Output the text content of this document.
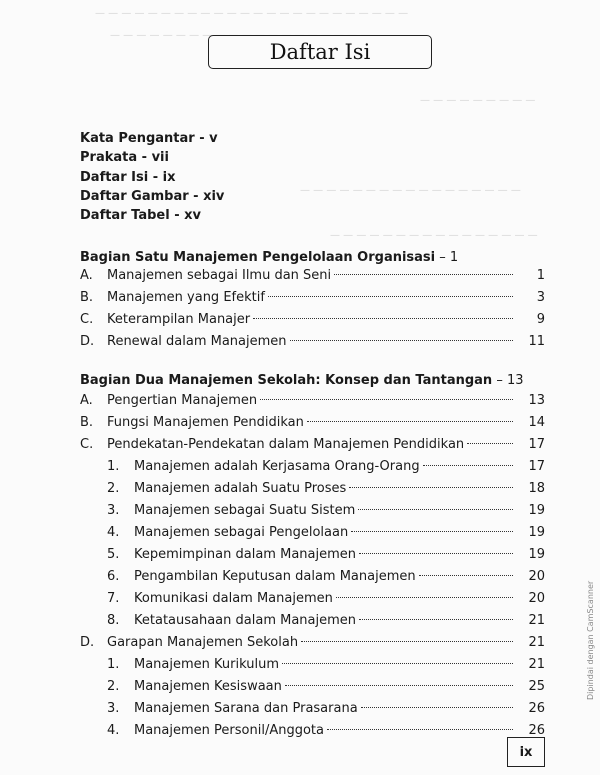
— — — — — — — — — — — — — — — — — — — — — — — —
— — — — — — — — — — — — — — — — — — — —
— — — — — — — — —
— — — — — — — — — — — — — — — — —
— — — — — — — — — — — — — — — —
Daftar Isi
Kata Pengantar - v
Prakata - vii
Daftar Isi - ix
Daftar Gambar - xiv
Daftar Tabel - xv
Bagian Satu Manajemen Pengelolaan Organisasi – 1
A.	Manajemen sebagai Ilmu dan Seni	1
B.	Manajemen yang Efektif	3
C.	Keterampilan Manajer	9
D. Renewal dalam Manajemen	11
Bagian Dua Manajemen Sekolah: Konsep dan Tantangan – 13
A.	Pengertian Manajemen	13
B.	Fungsi Manajemen Pendidikan	14
C.	Pendekatan-Pendekatan dalam Manajemen Pendidikan	17
1.	Manajemen adalah Kerjasama Orang-Orang	17
2.	Manajemen adalah Suatu Proses	18
3.	Manajemen sebagai Suatu Sistem	19
4.	Manajemen sebagai Pengelolaan	19
5.	Kepemimpinan dalam Manajemen	19
6.	Pengambilan Keputusan dalam Manajemen	20
7.	Komunikasi dalam Manajemen	20
8.	Ketatausahaan dalam Manajemen	21
D. Garapan Manajemen Sekolah	21
1.	Manajemen Kurikulum	21
2.	Manajemen Kesiswaan	25
3.	Manajemen Sarana dan Prasarana	26
4.	Manajemen Personil/Anggota	26
ix
Dipindai dengan CamScanner
